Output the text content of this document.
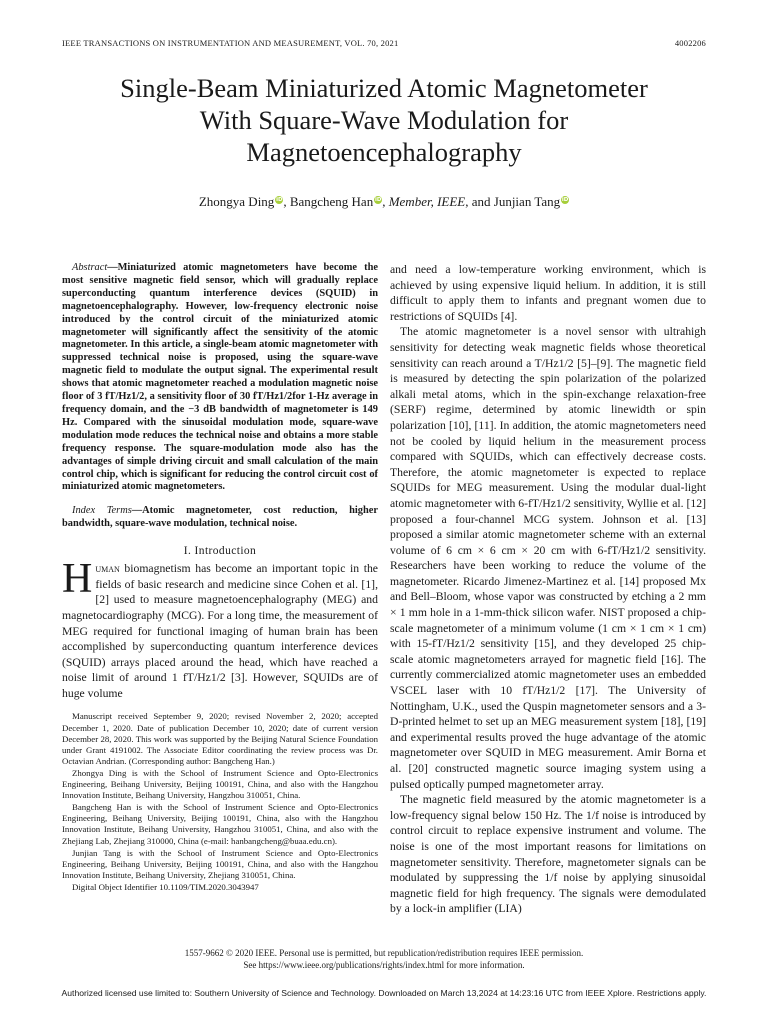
IEEE TRANSACTIONS ON INSTRUMENTATION AND MEASUREMENT, VOL. 70, 2021	4002206
Single-Beam Miniaturized Atomic Magnetometer
With Square-Wave Modulation for
Magnetoencephalography
Zhongya Ding iD, Bangcheng Han iD, Member, IEEE, and Junjian Tang iD
Abstract—Miniaturized atomic magnetometers have become the most sensitive magnetic field sensor, which will gradually replace superconducting quantum interference devices (SQUID) in magnetoencephalography. However, low-frequency electronic noise introduced by the control circuit of the miniaturized atomic magnetometer will significantly affect the sensitivity of the atomic magnetometer. In this article, a single-beam atomic magnetometer with suppressed technical noise is proposed, using the square-wave magnetic field to modulate the output signal. The experimental result shows that atomic magnetometer reached a modulation magnetic noise floor of 3 fT/Hz1/2, a sensitivity floor of 30 fT/Hz1/2for 1-Hz average in frequency domain, and the −3 dB bandwidth of magnetometer is 149 Hz. Compared with the sinusoidal modulation mode, square-wave modulation mode reduces the technical noise and obtains a more stable frequency response. The square-modulation mode also has the advantages of simple driving circuit and small calculation of the main control chip, which is significant for reducing the control circuit cost of miniaturized atomic magnetometers.
Index Terms—Atomic magnetometer, cost reduction, higher bandwidth, square-wave modulation, technical noise.
I. Introduction
Human biomagnetism has become an important topic in the fields of basic research and medicine since Cohen et al. [1], [2] used to measure magnetoencephalography (MEG) and magnetocardiography (MCG). For a long time, the measurement of MEG required for functional imaging of human brain has been accomplished by superconducting quantum interference devices (SQUID) arrays placed around the head, which have reached a noise limit of around 1 fT/Hz1/2 [3]. However, SQUIDs are of huge volume

Manuscript received September 9, 2020; revised November 2, 2020; accepted December 1, 2020. Date of publication December 10, 2020; date of current version December 28, 2020. This work was supported by the Beijing Natural Science Foundation under Grant 4191002. The Associate Editor coordinating the review process was Dr. Octavian Andrian. (Corresponding author: Bangcheng Han.)

Zhongya Ding is with the School of Instrument Science and Opto-Electronics Engineering, Beihang University, Beijing 100191, China, and also with the Hangzhou Innovation Institute, Beihang University, Hangzhou 310051, China.

Bangcheng Han is with the School of Instrument Science and Opto-Electronics Engineering, Beihang University, Beijing 100191, China, also with the Hangzhou Innovation Institute, Beihang University, Hangzhou 310051, China, and also with the Zhejiang Lab, Zhejiang 310000, China (e-mail: hanbangcheng@buaa.edu.cn).

Junjian Tang is with the School of Instrument Science and Opto-Electronics Engineering, Beihang University, Beijing 100191, China, and also with the Hangzhou Innovation Institute, Beihang University, Zhejiang 310051, China.

Digital Object Identifier 10.1109/TIM.2020.3043947

and need a low-temperature working environment, which is achieved by using expensive liquid helium. In addition, it is still difficult to apply them to infants and pregnant women due to restrictions of SQUIDs [4].

The atomic magnetometer is a novel sensor with ultrahigh sensitivity for detecting weak magnetic fields whose theoretical sensitivity can reach around a T/Hz1/2 [5]–[9]. The magnetic field is measured by detecting the spin polarization of the polarized alkali metal atoms, which in the spin-exchange relaxation-free (SERF) regime, determined by atomic linewidth or spin polarization [10], [11]. In addition, the atomic magnetometers need not be cooled by liquid helium in the measurement process compared with SQUIDs, which can effectively decrease costs. Therefore, the atomic magnetometer is expected to replace SQUIDs for MEG measurement. Using the modular dual-light atomic magnetometer with 6-fT/Hz1/2 sensitivity, Wyllie et al. [12] proposed a four-channel MCG system. Johnson et al. [13] proposed a similar atomic magnetometer scheme with an external volume of 6 cm × 6 cm × 20 cm with 6-fT/Hz1/2 sensitivity. Researchers have been working to reduce the volume of the magnetometer. Ricardo Jimenez-Martinez et al. [14] proposed Mx and Bell–Bloom, whose vapor was constructed by etching a 2 mm × 1 mm hole in a 1-mm-thick silicon wafer. NIST proposed a chip-scale magnetometer of a minimum volume (1 cm × 1 cm × 1 cm) with 15-fT/Hz1/2 sensitivity [15], and they developed 25 chip-scale atomic magnetometers arrayed for magnetic field [16]. The currently commercialized atomic magnetometer uses an embedded VSCEL laser with 10 fT/Hz1/2 [17]. The University of Nottingham, U.K., used the Quspin magnetometer sensors and a 3-D-printed helmet to set up an MEG measurement system [18], [19] and experimental results proved the huge advantage of the atomic magnetometer over SQUID in MEG measurement. Amir Borna et al. [20] constructed magnetic source imaging system using a pulsed optically pumped magnetometer array.

The magnetic field measured by the atomic magnetometer is a low-frequency signal below 150 Hz. The 1/f noise is introduced by control circuit to replace expensive instrument and volume. The noise is one of the most important reasons for limitations on magnetometer sensitivity. Therefore, magnetometer signals can be modulated by suppressing the 1/f noise by applying sinusoidal magnetic field for high frequency. The signals were demodulated by a lock-in amplifier (LIA)

1557-9662 © 2020 IEEE. Personal use is permitted, but republication/redistribution requires IEEE permission.
See https://www.ieee.org/publications/rights/index.html for more information.
Authorized licensed use limited to: Southern University of Science and Technology. Downloaded on March 13,2024 at 14:23:16 UTC from IEEE Xplore. Restrictions apply.
